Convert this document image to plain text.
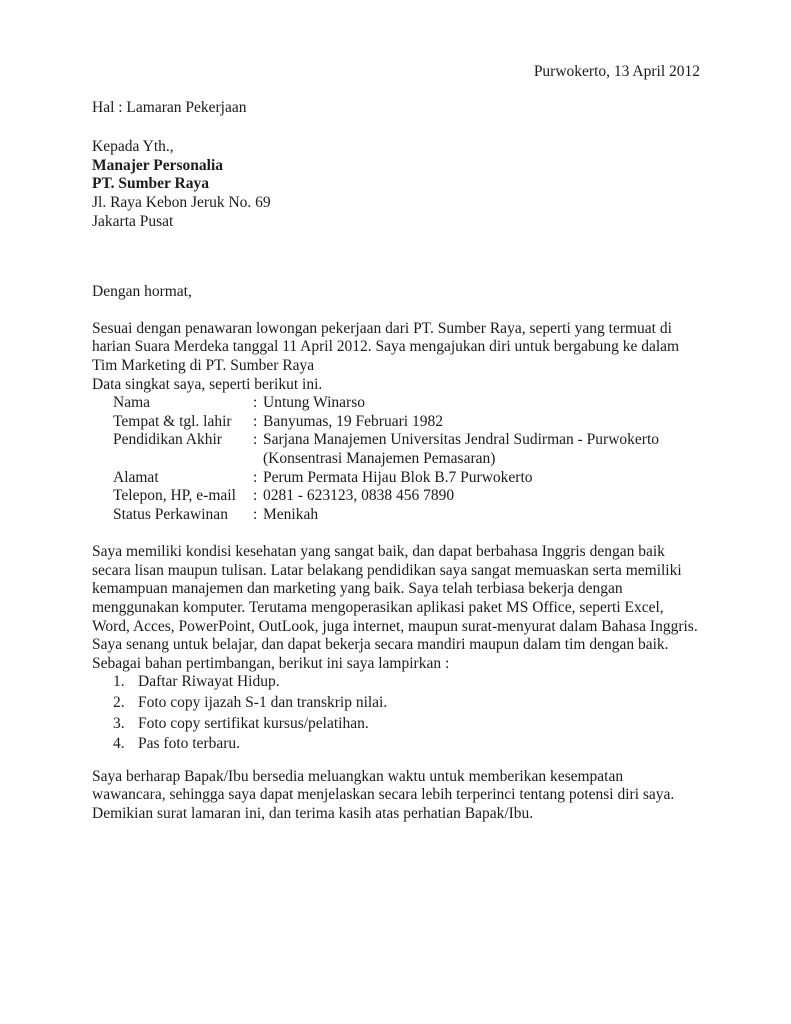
Purwokerto, 13 April 2012
Hal : Lamaran Pekerjaan
Kepada Yth.,
Manajer Personalia
PT. Sumber Raya
Jl. Raya Kebon Jeruk No. 69
Jakarta Pusat
Dengan hormat,

Sesuai dengan penawaran lowongan pekerjaan dari PT. Sumber Raya, seperti yang termuat di harian Suara Merdeka tanggal 11 April 2012. Saya mengajukan diri untuk bergabung ke dalam Tim Marketing di PT. Sumber Raya

Data singkat saya, seperti berikut ini.

Nama	: Untung Winarso
Tempat & tgl. lahir	: Banyumas, 19 Februari 1982
Pendidikan Akhir	: Sarjana Manajemen Universitas Jendral Sudirman - Purwokerto
(Konsentrasi Manajemen Pemasaran)
Alamat	: Perum Permata Hijau Blok B.7 Purwokerto
Telepon, HP, e-mail	: 0281 - 623123, 0838 456 7890
Status Perkawinan	: Menikah

Saya memiliki kondisi kesehatan yang sangat baik, dan dapat berbahasa Inggris dengan baik secara lisan maupun tulisan. Latar belakang pendidikan saya sangat memuaskan serta memiliki kemampuan manajemen dan marketing yang baik. Saya telah terbiasa bekerja dengan menggunakan komputer. Terutama mengoperasikan aplikasi paket MS Office, seperti Excel, Word, Acces, PowerPoint, OutLook, juga internet, maupun surat-menyurat dalam Bahasa Inggris. Saya senang untuk belajar, dan dapat bekerja secara mandiri maupun dalam tim dengan baik.

Sebagai bahan pertimbangan, berikut ini saya lampirkan :

1. Daftar Riwayat Hidup.
2. Foto copy ijazah S-1 dan transkrip nilai.
3. Foto copy sertifikat kursus/pelatihan.
4. Pas foto terbaru.

Saya berharap Bapak/Ibu bersedia meluangkan waktu untuk memberikan kesempatan wawancara, sehingga saya dapat menjelaskan secara lebih terperinci tentang potensi diri saya.

Demikian surat lamaran ini, dan terima kasih atas perhatian Bapak/Ibu.
